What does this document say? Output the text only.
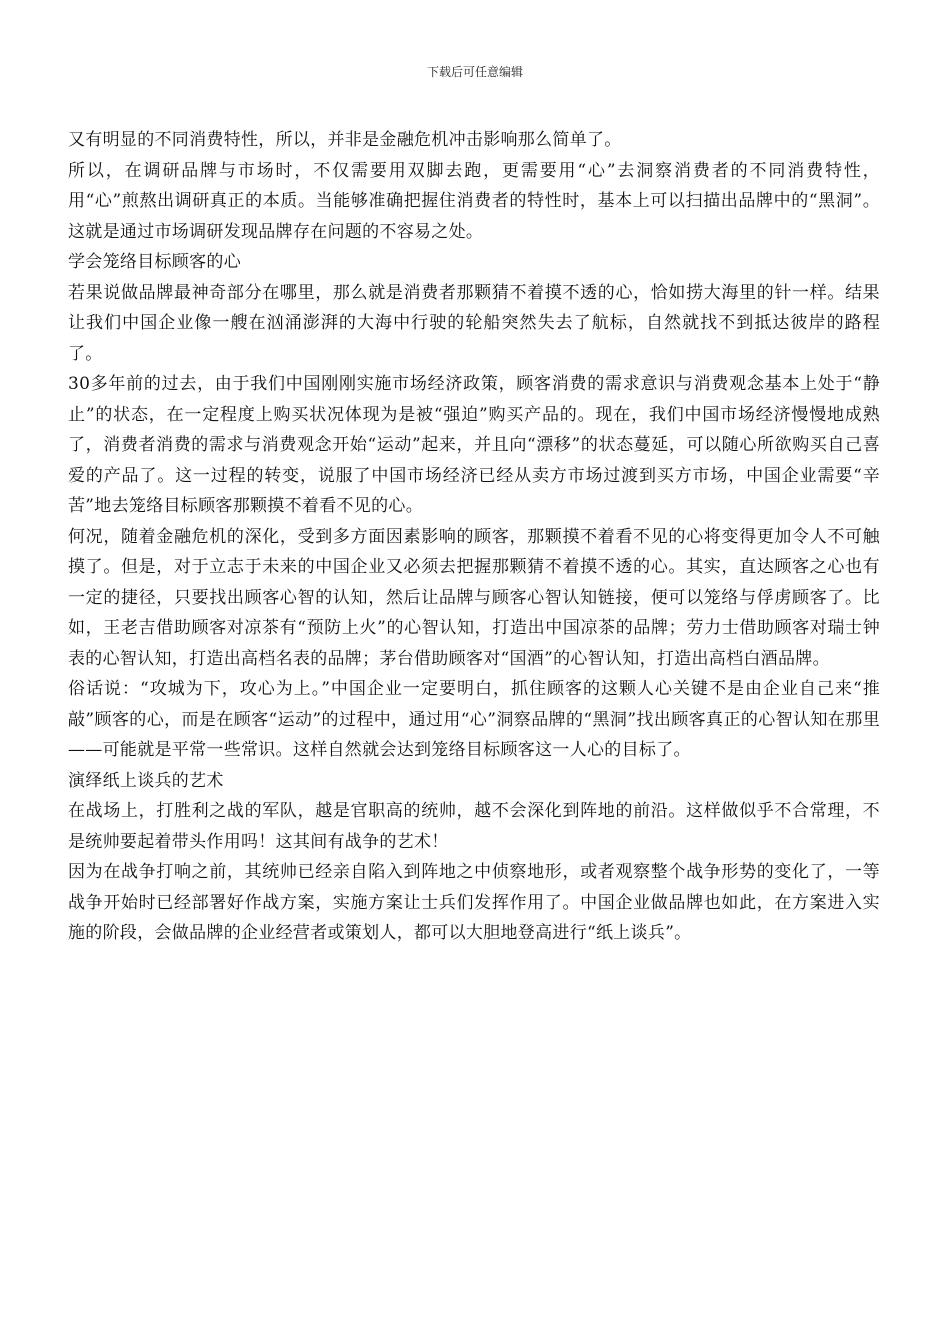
下载后可任意编辑

又有明显的不同消费特性，所以，并非是金融危机冲击影响那么简单了。

所以，在调研品牌与市场时，不仅需要用双脚去跑，更需要用“心”去洞察消费者的不同消费特性，用“心”煎熬出调研真正的本质。当能够准确把握住消费者的特性时，基本上可以扫描出品牌中的“黑洞”。这就是通过市场调研发现品牌存在问题的不容易之处。

学会笼络目标顾客的心

若果说做品牌最神奇部分在哪里，那么就是消费者那颗猜不着摸不透的心，恰如捞大海里的针一样。结果让我们中国企业像一艘在汹涌澎湃的大海中行驶的轮船突然失去了航标，自然就找不到抵达彼岸的路程了。

30多年前的过去，由于我们中国刚刚实施市场经济政策，顾客消费的需求意识与消费观念基本上处于“静止”的状态，在一定程度上购买状况体现为是被“强迫”购买产品的。现在，我们中国市场经济慢慢地成熟了，消费者消费的需求与消费观念开始“运动”起来，并且向“漂移”的状态蔓延，可以随心所欲购买自己喜爱的产品了。这一过程的转变，说服了中国市场经济已经从卖方市场过渡到买方市场，中国企业需要“辛苦”地去笼络目标顾客那颗摸不着看不见的心。

何况，随着金融危机的深化，受到多方面因素影响的顾客，那颗摸不着看不见的心将变得更加令人不可触摸了。但是，对于立志于未来的中国企业又必须去把握那颗猜不着摸不透的心。其实，直达顾客之心也有一定的捷径，只要找出顾客心智的认知，然后让品牌与顾客心智认知链接，便可以笼络与俘虏顾客了。比如，王老吉借助顾客对凉茶有“预防上火”的心智认知，打造出中国凉茶的品牌；劳力士借助顾客对瑞士钟表的心智认知，打造出高档名表的品牌；茅台借助顾客对“国酒”的心智认知，打造出高档白酒品牌。

俗话说：“攻城为下，攻心为上。”中国企业一定要明白，抓住顾客的这颗人心关键不是由企业自己来“推敲”顾客的心，而是在顾客“运动”的过程中，通过用“心”洞察品牌的“黑洞”找出顾客真正的心智认知在那里——可能就是平常一些常识。这样自然就会达到笼络目标顾客这一人心的目标了。

演绎纸上谈兵的艺术

在战场上，打胜利之战的军队，越是官职高的统帅，越不会深化到阵地的前沿。这样做似乎不合常理，不是统帅要起着带头作用吗！这其间有战争的艺术！

因为在战争打响之前，其统帅已经亲自陷入到阵地之中侦察地形，或者观察整个战争形势的变化了，一等战争开始时已经部署好作战方案，实施方案让士兵们发挥作用了。中国企业做品牌也如此，在方案进入实施的阶段，会做品牌的企业经营者或策划人，都可以大胆地登高进行“纸上谈兵”。
